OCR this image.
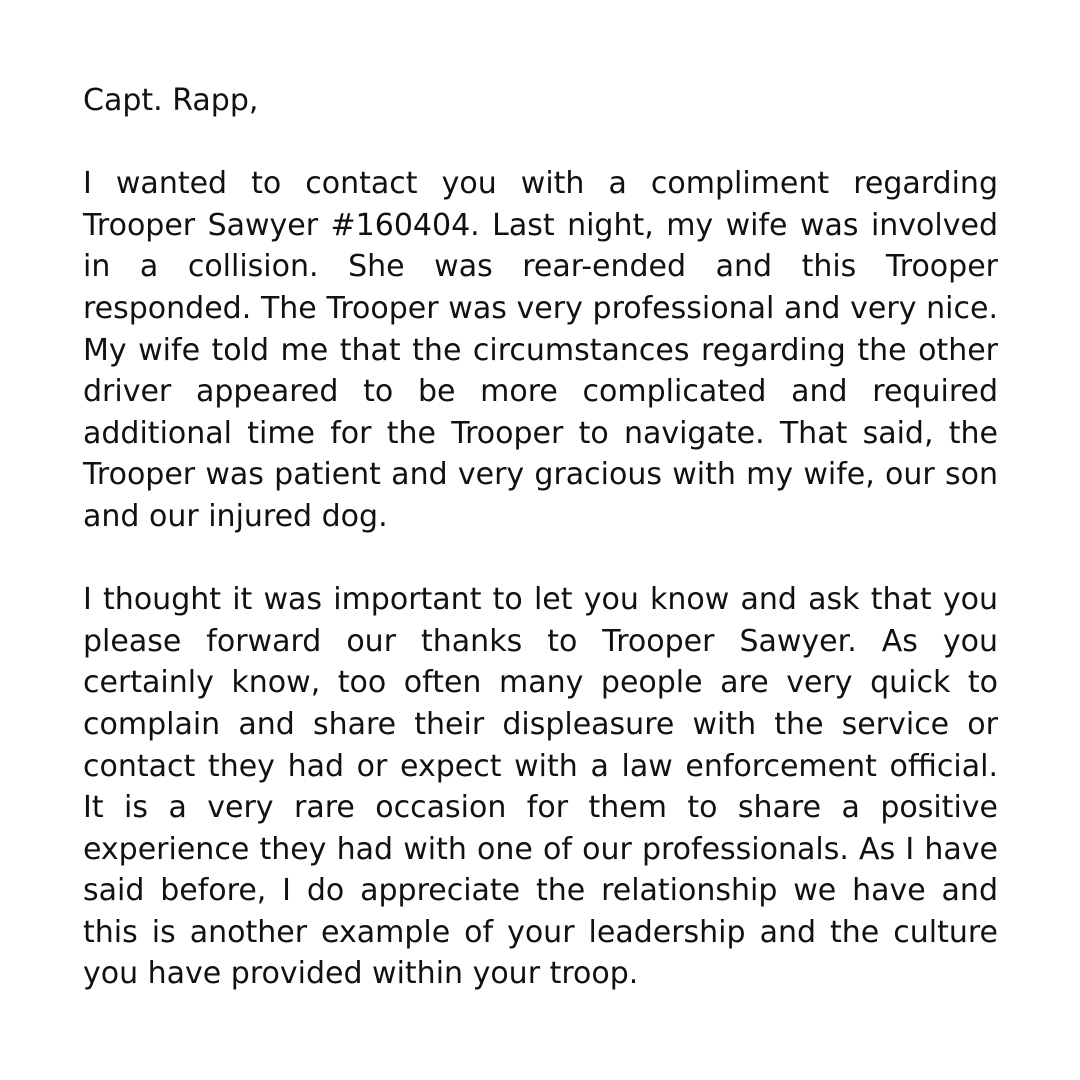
Capt. Rapp,

I wanted to contact you with a compliment regarding Trooper Sawyer #160404. Last night, my wife was involved in a collision. She was rear-ended and this Trooper responded. The Trooper was very professional and very nice. My wife told me that the circumstances regarding the other driver appeared to be more complicated and required additional time for the Trooper to navigate. That said, the Trooper was patient and very gracious with my wife, our son and our injured dog.

I thought it was important to let you know and ask that you please forward our thanks to Trooper Sawyer. As you certainly know, too often many people are very quick to complain and share their displeasure with the service or contact they had or expect with a law enforcement official. It is a very rare occasion for them to share a positive experience they had with one of our professionals. As I have said before, I do appreciate the relationship we have and this is another example of your leadership and the culture you have provided within your troop.
